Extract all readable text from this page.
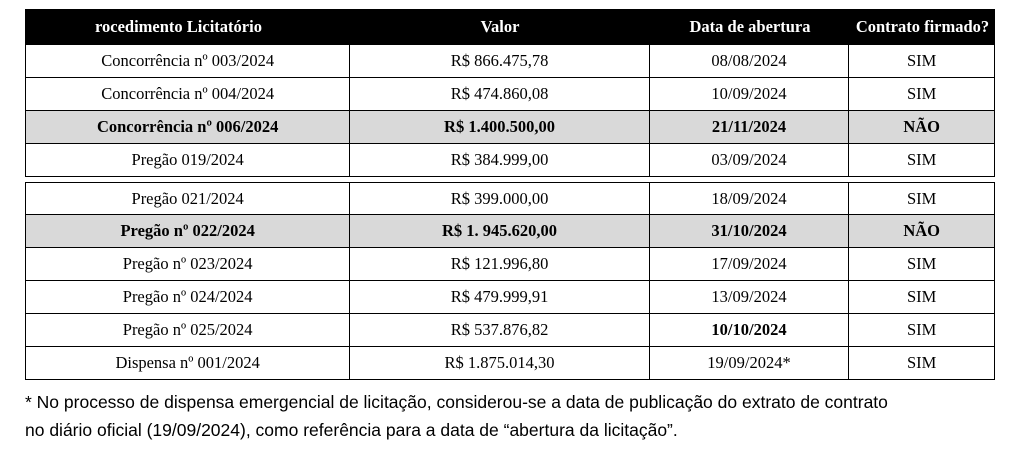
rocedimento Licitatório	Valor	Data de abertura	Contrato firmado?
Concorrência nº 003/2024	R$ 866.475,78	08/08/2024	SIM
Concorrência nº 004/2024	R$ 474.860,08	10/09/2024	SIM
Concorrência nº 006/2024	R$ 1.400.500,00	21/11/2024	NÃO
Pregão 019/2024	R$ 384.999,00	03/09/2024	SIM
Pregão 021/2024	R$ 399.000,00	18/09/2024	SIM
Pregão nº 022/2024	R$ 1. 945.620,00	31/10/2024	NÃO
Pregão nº 023/2024	R$ 121.996,80	17/09/2024	SIM
Pregão nº 024/2024	R$ 479.999,91	13/09/2024	SIM
Pregão nº 025/2024	R$ 537.876,82	10/10/2024	SIM
Dispensa nº 001/2024	R$ 1.875.014,30	19/09/2024*	SIM
* No processo de dispensa emergencial de licitação, considerou-se a data de publicação do extrato de contrato
no diário oficial (19/09/2024), como referência para a data de “abertura da licitação”.
